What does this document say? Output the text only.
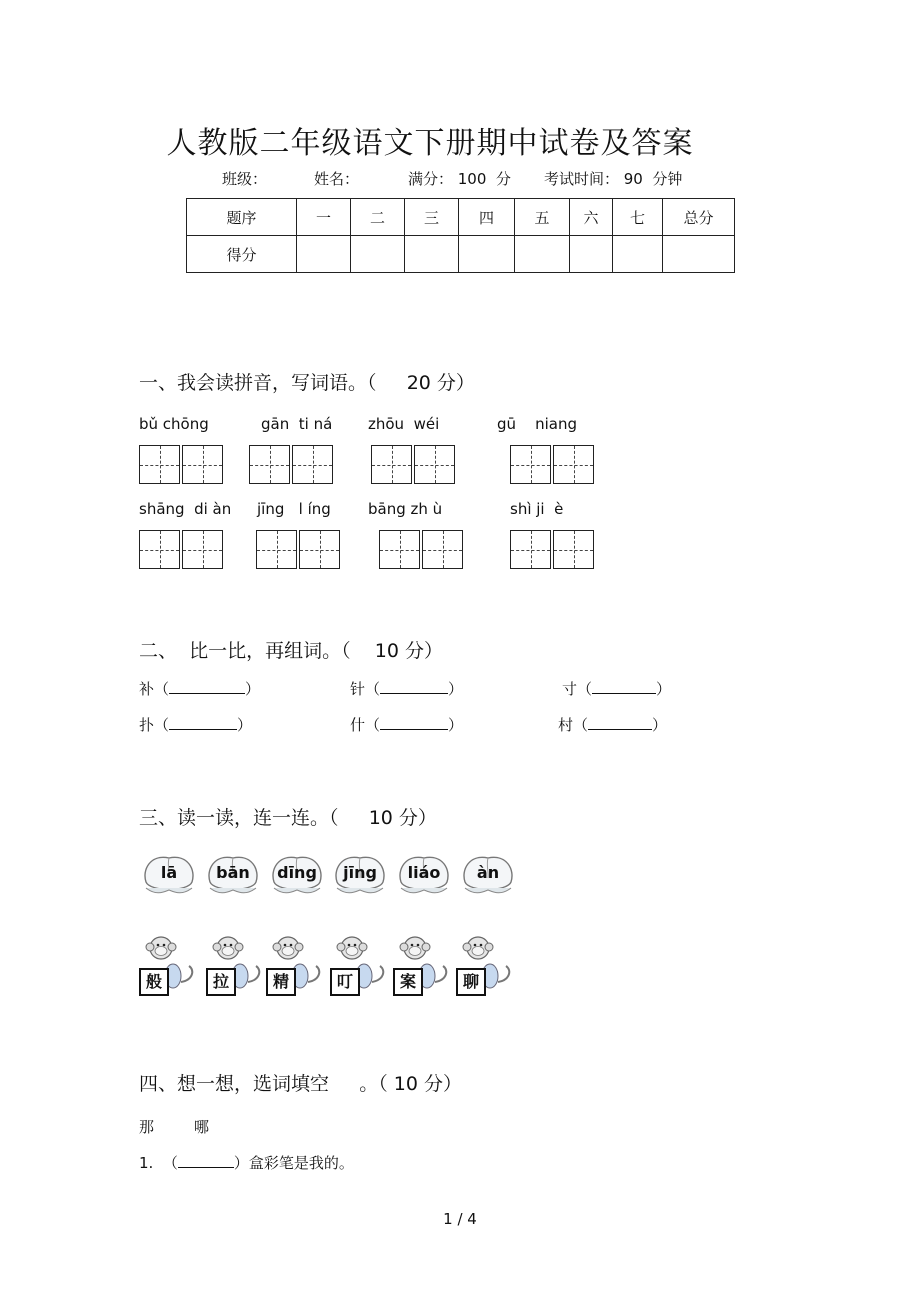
人教版二年级语文下册期中试卷及答案
班级：	姓名：	满分： 100  分 考试时间： 90  分钟
题序	一	二	三	四	五	六	七	总分
得分								
一、我会读拼音，写词语。（     20 分）
bǔ chōng	gān  ti ná zhōu  wéi	gū    niang
shāng  di àn jīng   l íng bāng zh ù	shì ji  è
二、  比一比，再组词。（    10 分）
补（	）	针（	）	寸（	）
扑（	）	什（	）	村（	）
三、读一读，连一连。（     10 分）
lā	bān	dīng	jīng	liáo	àn
般	拉	精	叮	案	聊
四、想一想，选词填空     。（ 10 分）
那	哪
1. （	）盒彩笔是我的。
1 / 4
